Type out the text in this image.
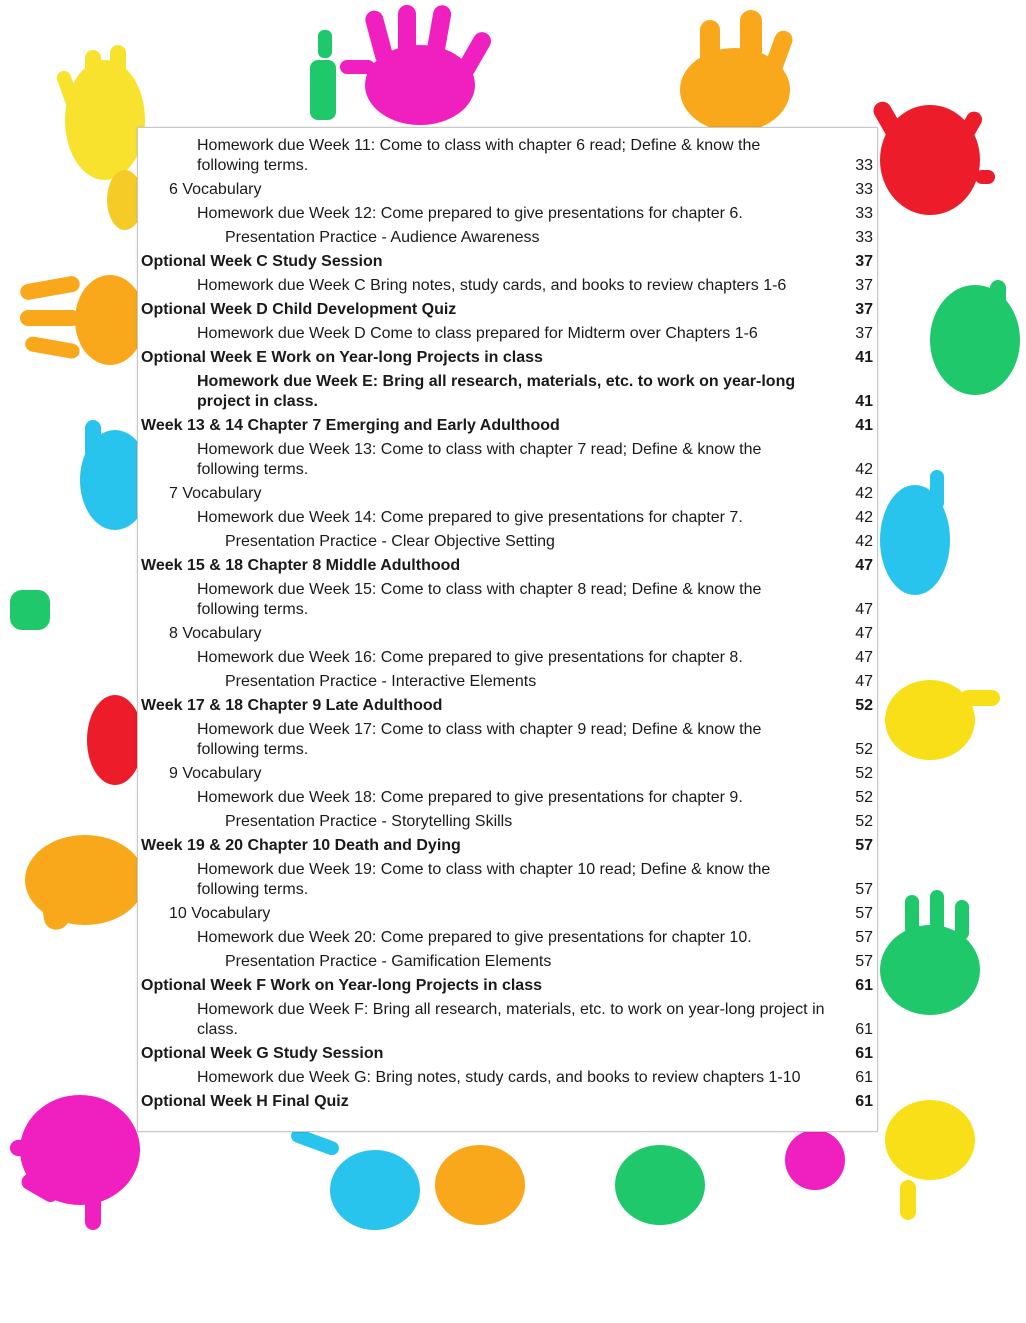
Homework due Week 11: Come to class with chapter 6 read; Define & know the
following terms.	33
6 Vocabulary	33
Homework due Week 12: Come prepared to give presentations for chapter 6.	33
Presentation Practice - Audience Awareness	33
Optional Week C Study Session	37
Homework due Week C Bring notes, study cards, and books to review chapters 1-6	37
Optional Week D Child Development Quiz	37
Homework due Week D Come to class prepared for Midterm over Chapters 1-6	37
Optional Week E Work on Year-long Projects in class	41
Homework due Week E: Bring all research, materials, etc. to work on year-long
project in class.	41
Week 13 & 14 Chapter 7 Emerging and Early Adulthood	41
Homework due Week 13: Come to class with chapter 7 read; Define & know the
following terms.	42
7 Vocabulary	42
Homework due Week 14: Come prepared to give presentations for chapter 7.	42
Presentation Practice - Clear Objective Setting	42
Week 15 & 18 Chapter 8 Middle Adulthood	47
Homework due Week 15: Come to class with chapter 8 read; Define & know the
following terms.	47
8 Vocabulary	47
Homework due Week 16: Come prepared to give presentations for chapter 8.	47
Presentation Practice - Interactive Elements	47
Week 17 & 18 Chapter 9 Late Adulthood	52
Homework due Week 17: Come to class with chapter 9 read; Define & know the
following terms.	52
9 Vocabulary	52
Homework due Week 18: Come prepared to give presentations for chapter 9.	52
Presentation Practice - Storytelling Skills	52
Week 19 & 20 Chapter 10 Death and Dying	57
Homework due Week 19: Come to class with chapter 10 read; Define & know the
following terms.	57
10 Vocabulary	57
Homework due Week 20: Come prepared to give presentations for chapter 10.	57
Presentation Practice - Gamification Elements	57
Optional Week F Work on Year-long Projects in class	61
Homework due Week F: Bring all research, materials, etc. to work on year-long project in
class.	61
Optional Week G Study Session	61
Homework due Week G: Bring notes, study cards, and books to review chapters 1-10	61
Optional Week H Final Quiz	61
